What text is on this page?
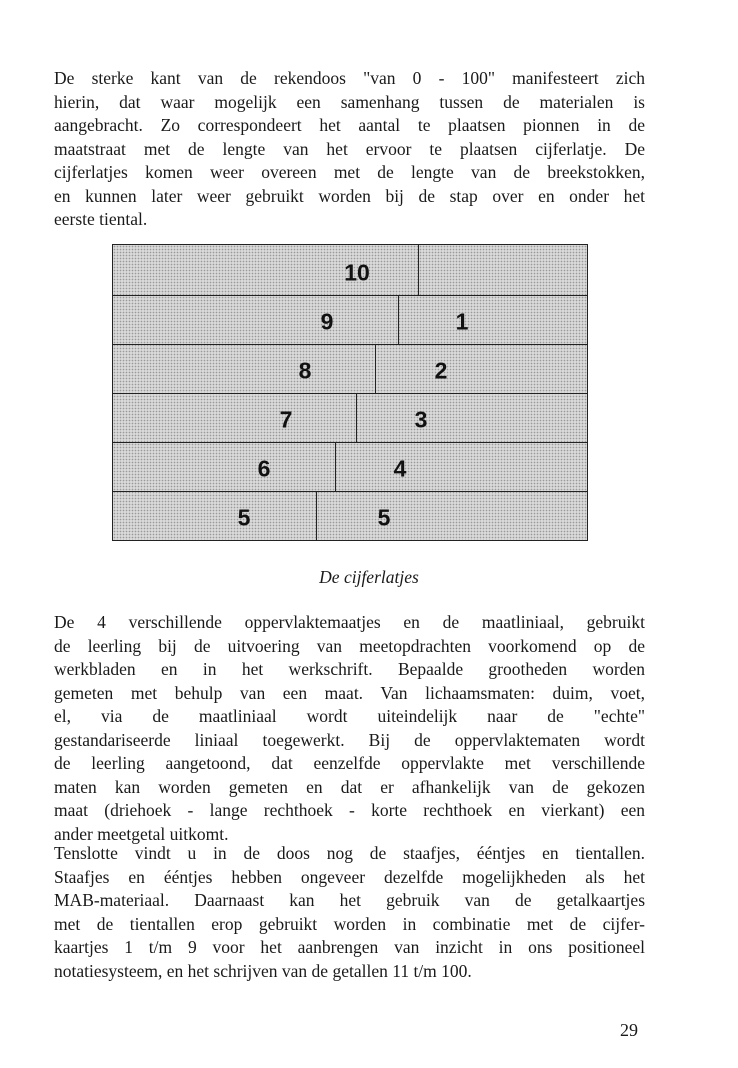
De sterke kant van de rekendoos "van 0 - 100" manifesteert zich
hierin, dat waar mogelijk een samenhang tussen de materialen is
aangebracht. Zo correspondeert het aantal te plaatsen pionnen in de
maatstraat met de lengte van het ervoor te plaatsen cijferlatje. De
cijferlatjes komen weer overeen met de lengte van de breekstokken,
en kunnen later weer gebruikt worden bij de stap over en onder het
eerste tiental.

10
9	1
8	2
7	3
6	4
5	5
De cijferlatjes

De 4 verschillende oppervlaktemaatjes en de maatliniaal, gebruikt
de leerling bij de uitvoering van meetopdrachten voorkomend op de
werkbladen en in het werkschrift. Bepaalde grootheden worden
gemeten met behulp van een maat. Van lichaamsmaten: duim, voet,
el, via de maatliniaal wordt uiteindelijk naar de "echte"
gestandariseerde liniaal toegewerkt. Bij de oppervlaktematen wordt
de leerling aangetoond, dat eenzelfde oppervlakte met verschillende
maten kan worden gemeten en dat er afhankelijk van de gekozen
maat (driehoek - lange rechthoek - korte rechthoek en vierkant) een
ander meetgetal uitkomt.

Tenslotte vindt u in de doos nog de staafjes, ééntjes en tientallen.
Staafjes en ééntjes hebben ongeveer dezelfde mogelijkheden als het
MAB-materiaal. Daarnaast kan het gebruik van de getalkaartjes
met de tientallen erop gebruikt worden in combinatie met de cijfer-
kaartjes 1 t/m 9 voor het aanbrengen van inzicht in ons positioneel
notatiesysteem, en het schrijven van de getallen 11 t/m 100.

29
